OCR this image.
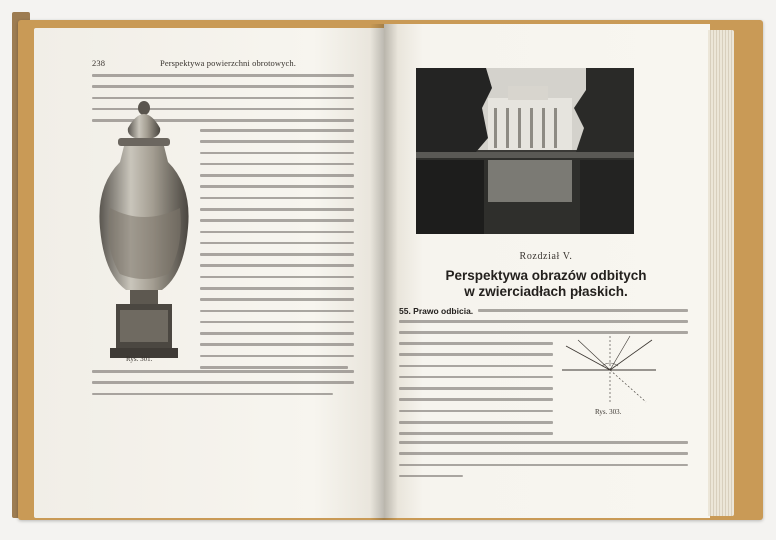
238	Perspektywa powierzchni obrotowych.
Rys. 301.
Rozdział V.
Perspektywa obrazów odbitych
w zwierciadłach płaskich.
55. Prawo odbicia.
Rys. 303.
